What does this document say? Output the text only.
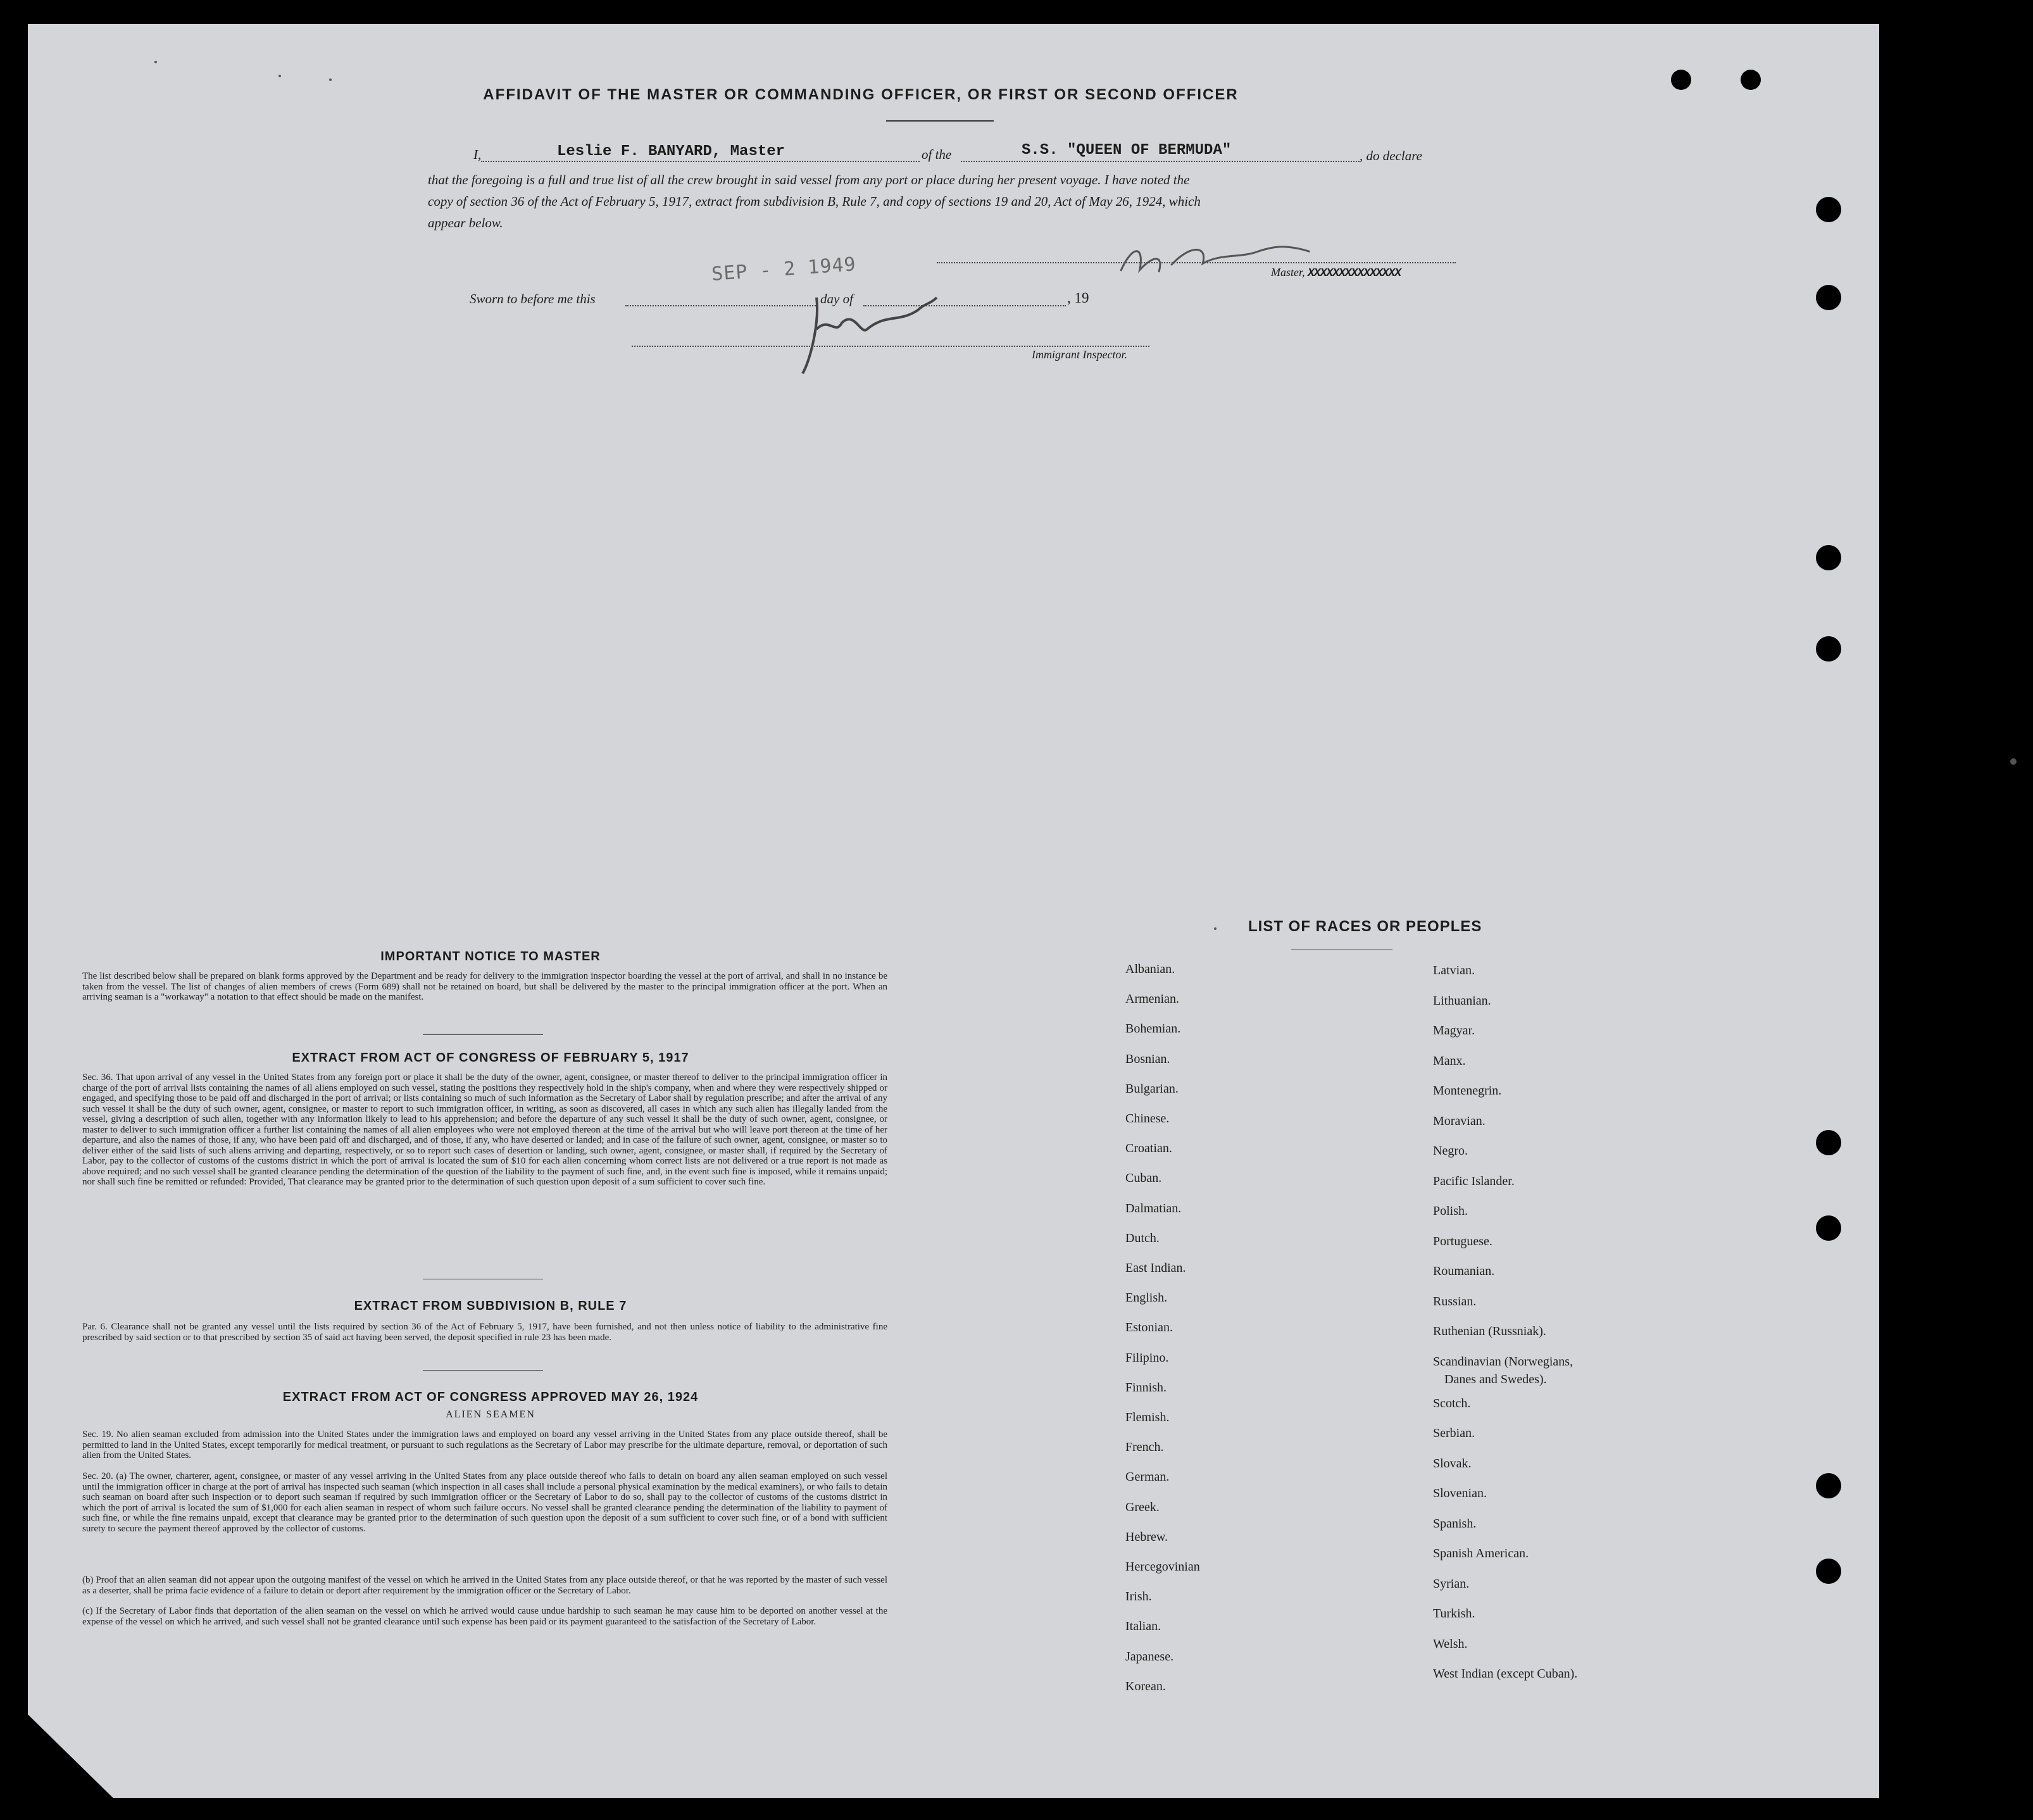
AFFIDAVIT OF THE MASTER OR COMMANDING OFFICER, OR FIRST OR SECOND OFFICER
I,	Leslie F. BANYARD, Master	of the	S.S. "QUEEN OF BERMUDA"	, do declare
that the foregoing is a full and true list of all the crew brought in said vessel from any port or place during her present voyage. I have noted the
copy of section 36 of the Act of February 5, 1917, extract from subdivision B, Rule 7, and copy of sections 19 and 20, Act of May 26, 1924, which
appear below.
Master, XXXXXXXXXXXXXXX
SEP - 2 1949
Sworn to before me this	day of	, 19
Immigrant Inspector.
IMPORTANT NOTICE TO MASTER
The list described below shall be prepared on blank forms approved by the Department and be ready for delivery to the immigration inspector boarding the vessel at the port of arrival, and shall in no instance be taken from the vessel. The list of changes of alien members of crews (Form 689) shall not be retained on board, but shall be delivered by the master to the principal immigration officer at the port. When an arriving seaman is a "workaway" a notation to that effect should be made on the manifest.
EXTRACT FROM ACT OF CONGRESS OF FEBRUARY 5, 1917
Sec. 36. That upon arrival of any vessel in the United States from any foreign port or place it shall be the duty of the owner, agent, consignee, or master thereof to deliver to the principal immigration officer in charge of the port of arrival lists containing the names of all aliens employed on such vessel, stating the positions they respectively hold in the ship's company, when and where they were respectively shipped or engaged, and specifying those to be paid off and discharged in the port of arrival; or lists containing so much of such information as the Secretary of Labor shall by regulation prescribe; and after the arrival of any such vessel it shall be the duty of such owner, agent, consignee, or master to report to such immigration officer, in writing, as soon as discovered, all cases in which any such alien has illegally landed from the vessel, giving a description of such alien, together with any information likely to lead to his apprehension; and before the departure of any such vessel it shall be the duty of such owner, agent, consignee, or master to deliver to such immigration officer a further list containing the names of all alien employees who were not employed thereon at the time of the arrival but who will leave port thereon at the time of her departure, and also the names of those, if any, who have been paid off and discharged, and of those, if any, who have deserted or landed; and in case of the failure of such owner, agent, consignee, or master so to deliver either of the said lists of such aliens arriving and departing, respectively, or so to report such cases of desertion or landing, such owner, agent, consignee, or master shall, if required by the Secretary of Labor, pay to the collector of customs of the customs district in which the port of arrival is located the sum of $10 for each alien concerning whom correct lists are not delivered or a true report is not made as above required; and no such vessel shall be granted clearance pending the determination of the question of the liability to the payment of such fine, and, in the event such fine is imposed, while it remains unpaid; nor shall such fine be remitted or refunded: Provided, That clearance may be granted prior to the determination of such question upon deposit of a sum sufficient to cover such fine.
EXTRACT FROM SUBDIVISION B, RULE 7
Par. 6. Clearance shall not be granted any vessel until the lists required by section 36 of the Act of February 5, 1917, have been furnished, and not then unless notice of liability to the administrative fine prescribed by said section or to that prescribed by section 35 of said act having been served, the deposit specified in rule 23 has been made.
EXTRACT FROM ACT OF CONGRESS APPROVED MAY 26, 1924
ALIEN SEAMEN
Sec. 19. No alien seaman excluded from admission into the United States under the immigration laws and employed on board any vessel arriving in the United States from any place outside thereof, shall be permitted to land in the United States, except temporarily for medical treatment, or pursuant to such regulations as the Secretary of Labor may prescribe for the ultimate departure, removal, or deportation of such alien from the United States.
Sec. 20. (a) The owner, charterer, agent, consignee, or master of any vessel arriving in the United States from any place outside thereof who fails to detain on board any alien seaman employed on such vessel until the immigration officer in charge at the port of arrival has inspected such seaman (which inspection in all cases shall include a personal physical examination by the medical examiners), or who fails to detain such seaman on board after such inspection or to deport such seaman if required by such immigration officer or the Secretary of Labor to do so, shall pay to the collector of customs of the customs district in which the port of arrival is located the sum of $1,000 for each alien seaman in respect of whom such failure occurs. No vessel shall be granted clearance pending the determination of the liability to payment of such fine, or while the fine remains unpaid, except that clearance may be granted prior to the determination of such question upon the deposit of a sum sufficient to cover such fine, or of a bond with sufficient surety to secure the payment thereof approved by the collector of customs.
(b) Proof that an alien seaman did not appear upon the outgoing manifest of the vessel on which he arrived in the United States from any place outside thereof, or that he was reported by the master of such vessel as a deserter, shall be prima facie evidence of a failure to detain or deport after requirement by the immigration officer or the Secretary of Labor.
(c) If the Secretary of Labor finds that deportation of the alien seaman on the vessel on which he arrived would cause undue hardship to such seaman he may cause him to be deported on another vessel at the expense of the vessel on which he arrived, and such vessel shall not be granted clearance until such expense has been paid or its payment guaranteed to the satisfaction of the Secretary of Labor.
LIST OF RACES OR PEOPLES
Albanian.
Armenian.
Bohemian.
Bosnian.
Bulgarian.
Chinese.
Croatian.
Cuban.
Dalmatian.
Dutch.
East Indian.
English.
Estonian.
Filipino.
Finnish.
Flemish.
French.
German.
Greek.
Hebrew.
Hercegovinian
Irish.
Italian.
Japanese.
Korean.
Latvian.
Lithuanian.
Magyar.
Manx.
Montenegrin.
Moravian.
Negro.
Pacific Islander.
Polish.
Portuguese.
Roumanian.
Russian.
Ruthenian (Russniak).
Scandinavian (Norwegians,
Scotch.
Serbian.
Slovak.
Slovenian.
Spanish.
Spanish American.
Syrian.
Turkish.
Welsh.
West Indian (except Cuban).
Danes and Swedes).
